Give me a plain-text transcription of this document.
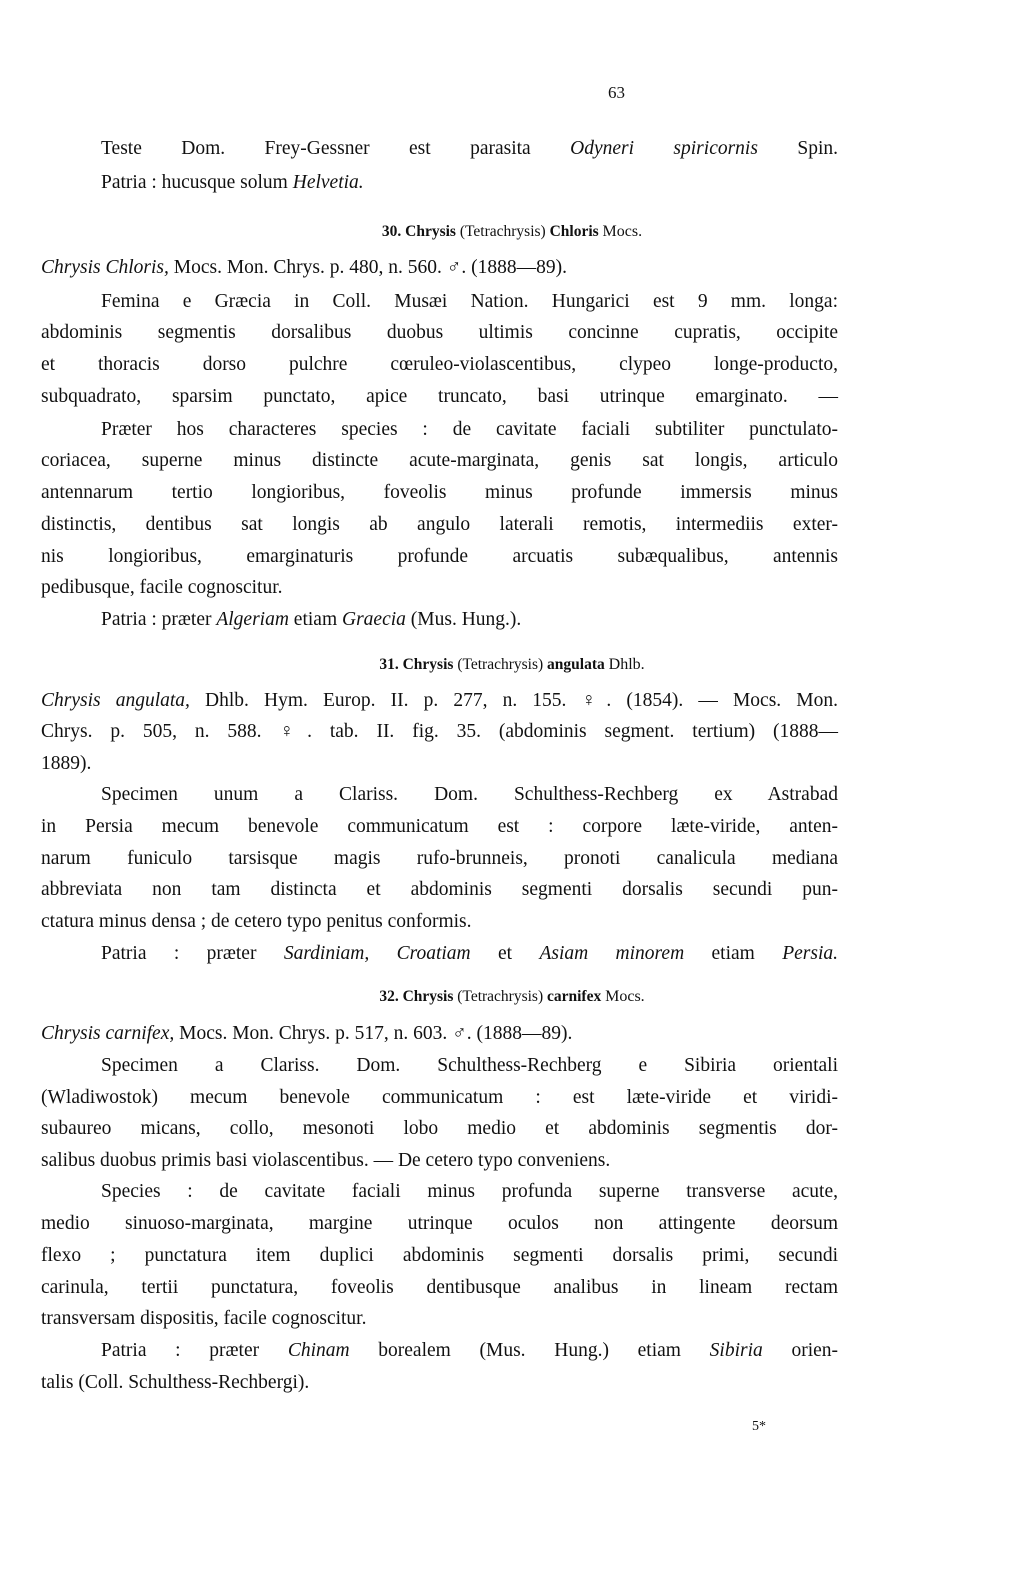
63
Teste Dom. Frey-Gessner est parasita Odyneri spiricornis Spin.
Patria : hucusque solum Helvetia.
30. Chrysis (Tetrachrysis) Chloris Mocs.
Chrysis Chloris, Mocs. Mon. Chrys. p. 480, n. 560. ♂. (1888—89).
Femina e Græcia in Coll. Musæi Nation. Hungarici est 9 mm. longa:
abdominis segmentis dorsalibus duobus ultimis concinne cupratis, occipite
et thoracis dorso pulchre cœruleo-violascentibus, clypeo longe-producto,
subquadrato, sparsim punctato, apice truncato, basi utrinque emarginato. —
Præter hos characteres species : de cavitate faciali subtiliter punctulato-
coriacea, superne minus distincte acute-marginata, genis sat longis, articulo
antennarum tertio longioribus, foveolis minus profunde immersis minus
distinctis, dentibus sat longis ab angulo laterali remotis, intermediis exter-
nis longioribus, emarginaturis profunde arcuatis subæqualibus, antennis
pedibusque, facile cognoscitur.
Patria : præter Algeriam etiam Graecia (Mus. Hung.).
31. Chrysis (Tetrachrysis) angulata Dhlb.
Chrysis angulata, Dhlb. Hym. Europ. II. p. 277, n. 155. ♀. (1854). — Mocs. Mon.
Chrys. p. 505, n. 588. ♀. tab. II. fig. 35. (abdominis segment. tertium) (1888—
1889).
Specimen unum a Clariss. Dom. Schulthess-Rechberg ex Astrabad
in Persia mecum benevole communicatum est : corpore læte-viride, anten-
narum funiculo tarsisque magis rufo-brunneis, pronoti canalicula mediana
abbreviata non tam distincta et abdominis segmenti dorsalis secundi pun-
ctatura minus densa ; de cetero typo penitus conformis.
Patria : præter Sardiniam, Croatiam et Asiam minorem etiam Persia.
32. Chrysis (Tetrachrysis) carnifex Mocs.
Chrysis carnifex, Mocs. Mon. Chrys. p. 517, n. 603. ♂. (1888—89).
Specimen a Clariss. Dom. Schulthess-Rechberg e Sibiria orientali
(Wladiwostok) mecum benevole communicatum : est læte-viride et viridi-
subaureo micans, collo, mesonoti lobo medio et abdominis segmentis dor-
salibus duobus primis basi violascentibus. — De cetero typo conveniens.
Species : de cavitate faciali minus profunda superne transverse acute,
medio sinuoso-marginata, margine utrinque oculos non attingente deorsum
flexo ; punctatura item duplici abdominis segmenti dorsalis primi, secundi
carinula, tertii punctatura, foveolis dentibusque analibus in lineam rectam
transversam dispositis, facile cognoscitur.
Patria : præter Chinam borealem (Mus. Hung.) etiam Sibiria orien-
talis (Coll. Schulthess-Rechbergi).
5*
